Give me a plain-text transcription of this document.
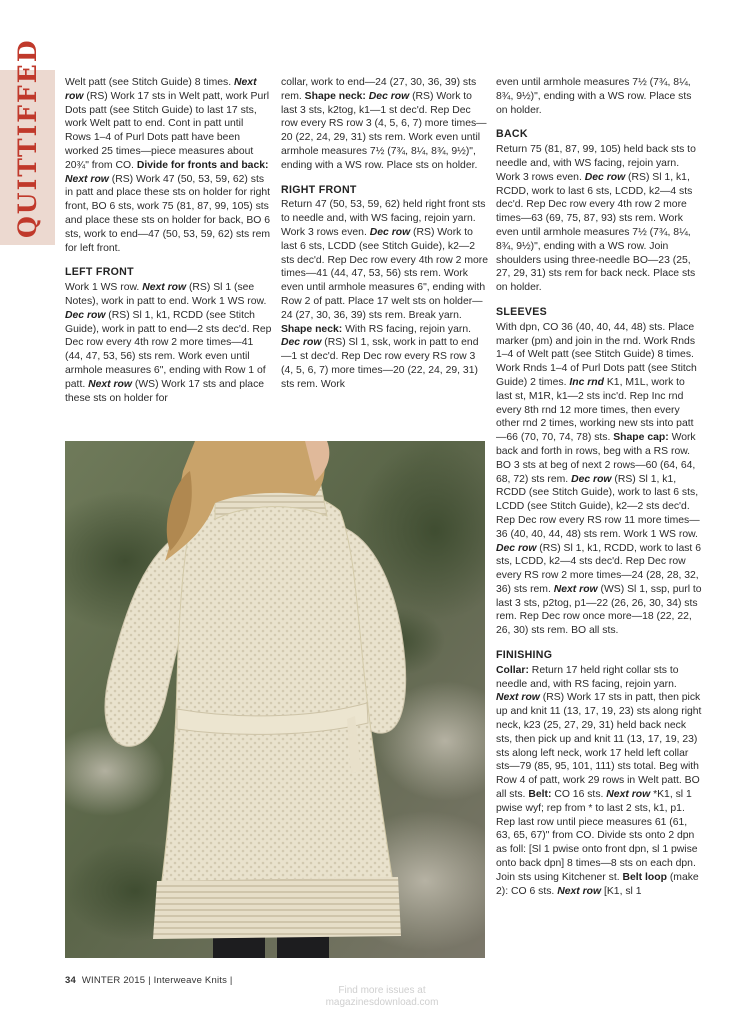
QUITTIFFED	Welt patt (see Stitch Guide) 8 times. Next row (RS) Work 17 sts in Welt patt, work Purl Dots patt (see Stitch Guide) to last 17 sts, work Welt patt to end. Cont in patt until Rows 1–4 of Purl Dots patt have been worked 25 times—piece measures about 20¾" from CO. Divide for fronts and back: Next row (RS) Work 47 (50, 53, 59, 62) sts in patt and place these sts on holder for right front, BO 6 sts, work 75 (81, 87, 99, 105) sts and place these sts on holder for back, BO 6 sts, work to end—47 (50, 53, 59, 62) sts rem for left front.

LEFT FRONT

Work 1 WS row. Next row (RS) Sl 1 (see Notes), work in patt to end. Work 1 WS row. Dec row (RS) Sl 1, k1, RCDD (see Stitch Guide), work in patt to end—2 sts dec'd. Rep Dec row every 4th row 2 more times—41 (44, 47, 53, 56) sts rem. Work even until armhole measures 6", ending with Row 1 of patt. Next row (WS) Work 17 sts and place these sts on holder for

collar, work to end—24 (27, 30, 36, 39) sts rem. Shape neck: Dec row (RS) Work to last 3 sts, k2tog, k1—1 st dec'd. Rep Dec row every RS row 3 (4, 5, 6, 7) more times—20 (22, 24, 29, 31) sts rem. Work even until armhole measures 7½ (7¾, 8¼, 8¾, 9½)", ending with a WS row. Place sts on holder.

RIGHT FRONT

Return 47 (50, 53, 59, 62) held right front sts to needle and, with WS facing, rejoin yarn. Work 3 rows even. Dec row (RS) Work to last 6 sts, LCDD (see Stitch Guide), k2—2 sts dec'd. Rep Dec row every 4th row 2 more times—41 (44, 47, 53, 56) sts rem. Work even until armhole measures 6", ending with Row 2 of patt. Place 17 welt sts on holder—24 (27, 30, 36, 39) sts rem. Break yarn. Shape neck: With RS facing, rejoin yarn. Dec row (RS) Sl 1, ssk, work in patt to end—1 st dec'd. Rep Dec row every RS row 3 (4, 5, 6, 7) more times—20 (22, 24, 29, 31) sts rem. Work

even until armhole measures 7½ (7¾, 8¼, 8¾, 9½)", ending with a WS row. Place sts on holder.

BACK

Return 75 (81, 87, 99, 105) held back sts to needle and, with WS facing, rejoin yarn. Work 3 rows even. Dec row (RS) Sl 1, k1, RCDD, work to last 6 sts, LCDD, k2—4 sts dec'd. Rep Dec row every 4th row 2 more times—63 (69, 75, 87, 93) sts rem. Work even until armhole measures 7½ (7¾, 8¼, 8¾, 9½)", ending with a WS row. Join shoulders using three-needle BO—23 (25, 27, 29, 31) sts rem for back neck. Place sts on holder.

SLEEVES

With dpn, CO 36 (40, 40, 44, 48) sts. Place marker (pm) and join in the rnd. Work Rnds 1–4 of Welt patt (see Stitch Guide) 8 times. Work Rnds 1–4 of Purl Dots patt (see Stitch Guide) 2 times. Inc rnd K1, M1L, work to last st, M1R, k1—2 sts inc'd. Rep Inc rnd every 8th rnd 12 more times, then every other rnd 2 times, working new sts into patt—66 (70, 70, 74, 78) sts. Shape cap: Work back and forth in rows, beg with a RS row. BO 3 sts at beg of next 2 rows—60 (64, 64, 68, 72) sts rem. Dec row (RS) Sl 1, k1, RCDD (see Stitch Guide), work to last 6 sts, LCDD (see Stitch Guide), k2—2 sts dec'd. Rep Dec row every RS row 11 more times—36 (40, 40, 44, 48) sts rem. Work 1 WS row. Dec row (RS) Sl 1, k1, RCDD, work to last 6 sts, LCDD, k2—4 sts dec'd. Rep Dec row every RS row 2 more times—24 (28, 28, 32, 36) sts rem. Next row (WS) Sl 1, ssp, purl to last 3 sts, p2tog, p1—22 (26, 26, 30, 34) sts rem. Rep Dec row once more—18 (22, 22, 26, 30) sts rem. BO all sts.

FINISHING

Collar: Return 17 held right collar sts to needle and, with RS facing, rejoin yarn. Next row (RS) Work 17 sts in patt, then pick up and knit 11 (13, 17, 19, 23) sts along right neck, k23 (25, 27, 29, 31) held back neck sts, then pick up and knit 11 (13, 17, 19, 23) sts along left neck, work 17 held left collar sts—79 (85, 95, 101, 111) sts total. Beg with Row 4 of patt, work 29 rows in Welt patt. BO all sts. Belt: CO 16 sts. Next row *K1, sl 1 pwise wyf; rep from * to last 2 sts, k1, p1. Rep last row until piece measures 61 (61, 63, 65, 67)" from CO. Divide sts onto 2 dpn as foll: [Sl 1 pwise onto front dpn, sl 1 pwise onto back dpn] 8 times—8 sts on each dpn. Join sts using Kitchener st. Belt loop (make 2): CO 6 sts. Next row [K1, sl 1

34 WINTER 2015 | Interweave Knits |
Find more issues at
magazinesdownload.com
